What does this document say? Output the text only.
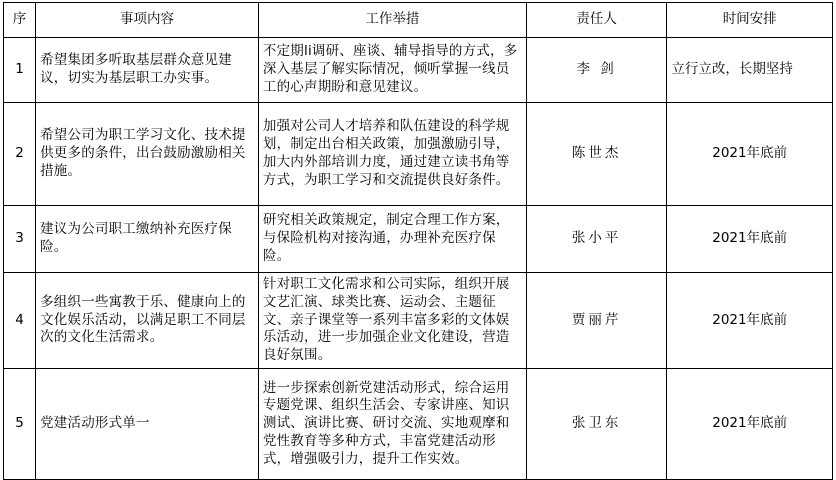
序	事项内容	工作举措	责任人	时间安排
1	希望集团多听取基层群众意见建议，切实为基层职工办实事。	不定期li调研、座谈、辅导指导的方式，多深入基层了解实际情况，倾听掌握一线员工的心声期盼和意见建议。	李 剑	立行立改，长期坚持
2	希望公司为职工学习文化、技术提供更多的条件，出台鼓励激励相关措施。	加强对公司人才培养和队伍建设的科学规划，制定出台相关政策，加强激励引导，加大内外部培训力度，通过建立读书角等方式，为职工学习和交流提供良好条件。	陈世杰	2021年底前
3	建议为公司职工缴纳补充医疗保险。	研究相关政策规定，制定合理工作方案，与保险机构对接沟通，办理补充医疗保险。	张小平	2021年底前
4	多组织一些寓教于乐、健康向上的文化娱乐活动，以满足职工不同层次的文化生活需求。	针对职工文化需求和公司实际，组织开展文艺汇演、球类比赛、运动会、主题征文、亲子课堂等一系列丰富多彩的文体娱乐活动，进一步加强企业文化建设，营造良好氛围。	贾丽芹	2021年底前
5	党建活动形式单一	进一步探索创新党建活动形式，综合运用专题党课、组织生活会、专家讲座、知识测试、演讲比赛、研讨交流、实地观摩和党性教育等多种方式，丰富党建活动形式，增强吸引力，提升工作实效。	张卫东	2021年底前
